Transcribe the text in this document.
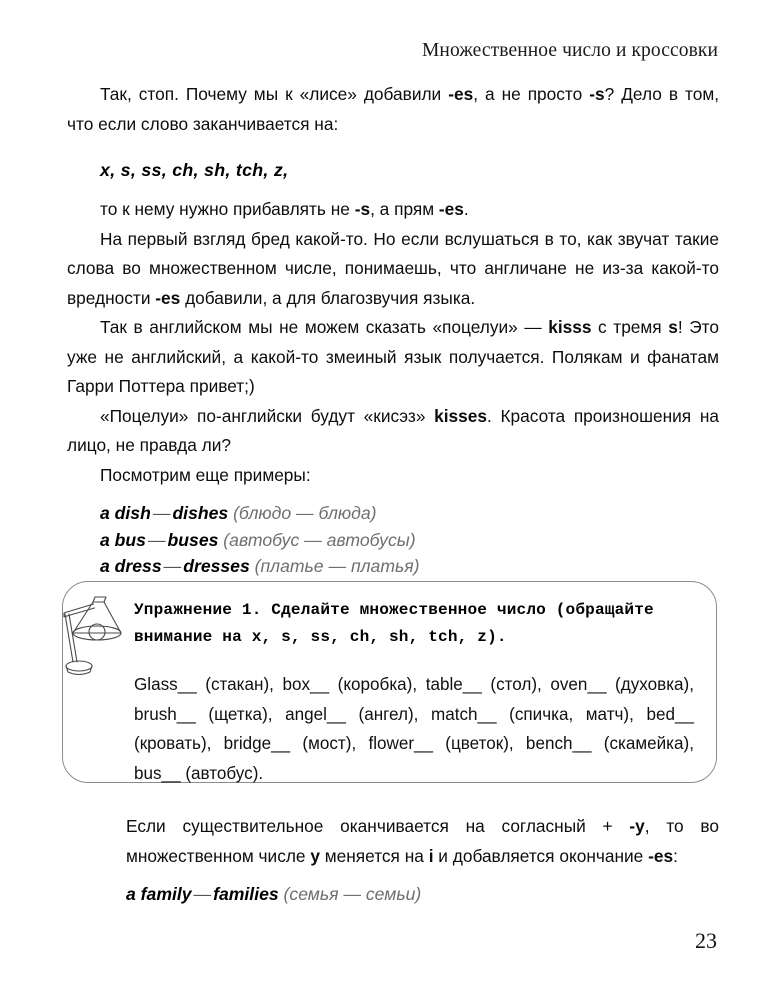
Множественное число и кроссовки

Так, стоп. Почему мы к «лисе» добавили -es, а не просто -s? Дело в том, что если слово заканчивается на:

x, s, ss, ch, sh, tch, z,

то к нему нужно прибавлять не -s, а прям -es.

На первый взгляд бред какой-то. Но если вслушаться в то, как звучат такие слова во множественном числе, понимаешь, что англичане не из-за какой-то вредности -es добавили, а для благозвучия языка.

Так в английском мы не можем сказать «поцелуи» — kisss с тремя s! Это уже не английский, а какой-то змеиный язык получается. Полякам и фанатам Гарри Поттера привет;)

«Поцелуи» по-английски будут «кисэз» kisses. Красота произношения на лицо, не правда ли?

Посмотрим еще примеры:

a dish — dishes (блюдо — блюда)
a bus — buses (автобус — автобусы)
a dress — dresses (платье — платья)

Упражнение 1. Сделайте множественное число (обращайте внимание на x, s, ss, ch, sh, tch, z).

Glass__ (стакан), box__ (коробка), table__ (стол), oven__ (духовка), brush__ (щетка), angel__ (ангел), match__ (спичка, матч), bed__ (кровать), bridge__ (мост), flower__ (цветок), bench__ (скамейка), bus__ (автобус).

Если существительное оканчивается на согласный + -y, то во множественном числе y меняется на i и добавляется окончание -es:

a family — families (семья — семьи)
23
